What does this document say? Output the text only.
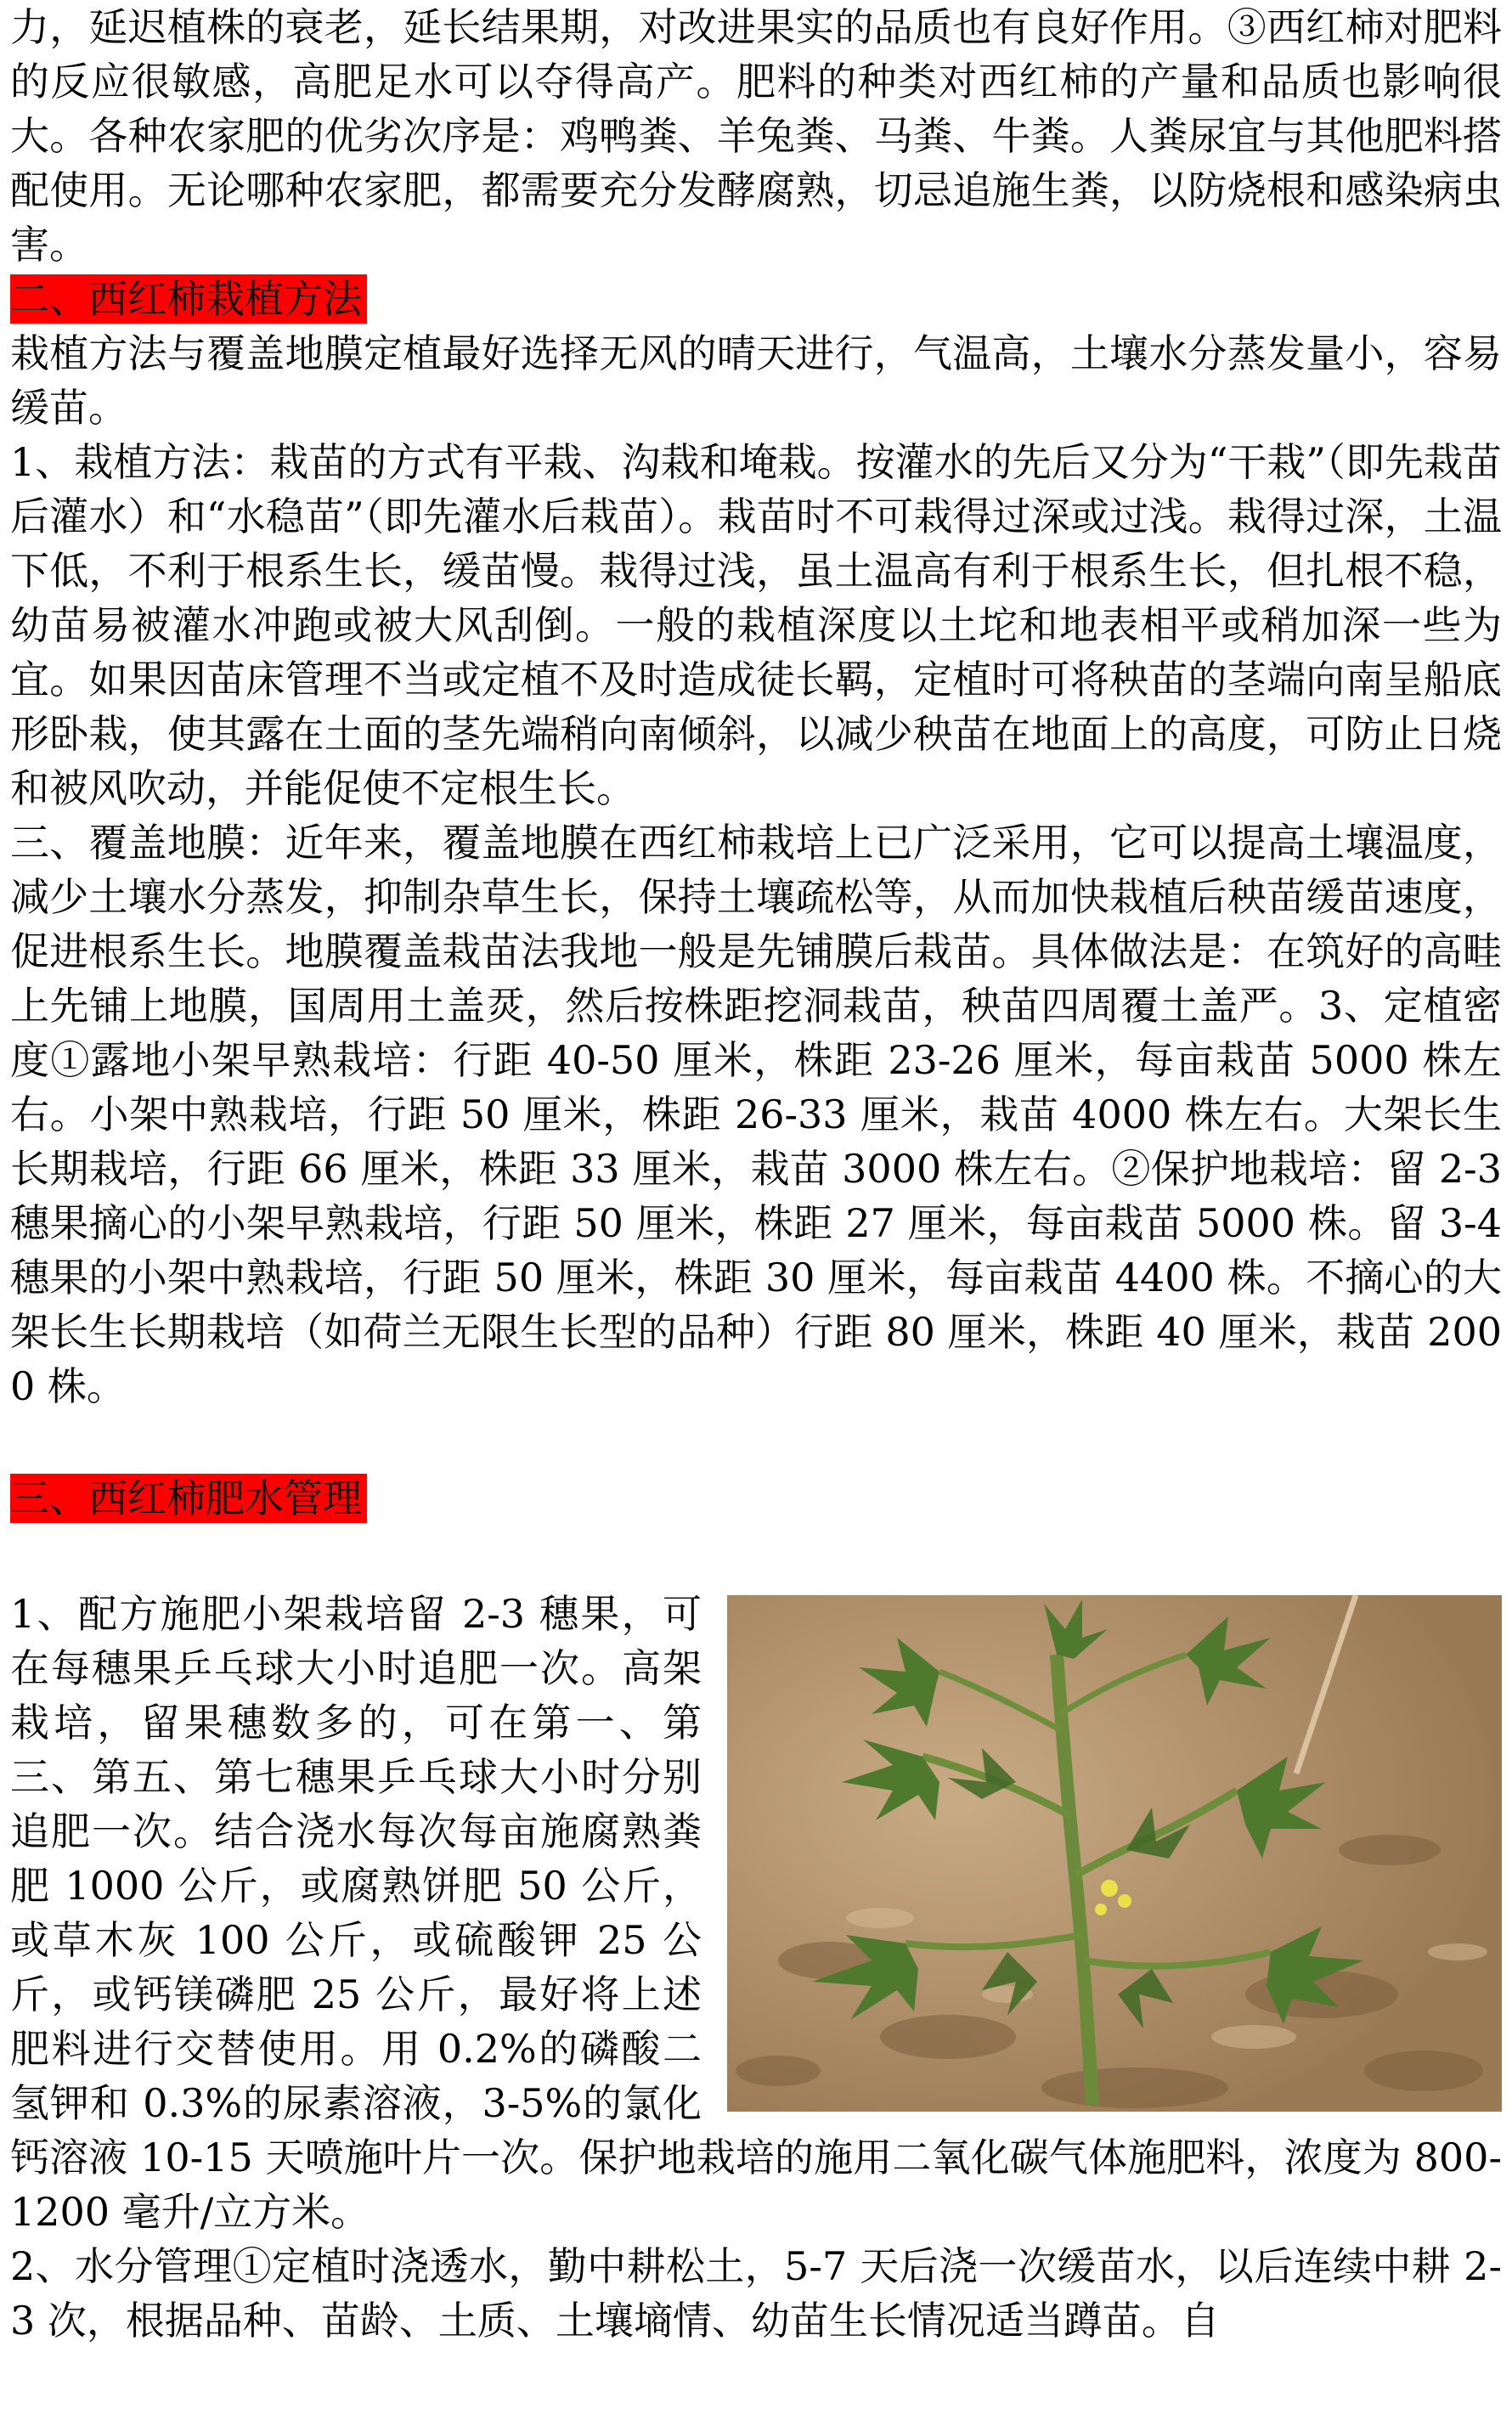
力，延迟植株的衰老，延长结果期，对改进果实的品质也有良好作用。③西红柿对肥料的反应很敏感，高肥足水可以夺得高产。肥料的种类对西红柿的产量和品质也影响很大。各种农家肥的优劣次序是：鸡鸭粪、羊兔粪、马粪、牛粪。人粪尿宜与其他肥料搭配使用。无论哪种农家肥，都需要充分发酵腐熟，切忌追施生粪，以防烧根和感染病虫害。

二、西红柿栽植方法

栽植方法与覆盖地膜定植最好选择无风的晴天进行，气温高，土壤水分蒸发量小，容易缓苗。

1、栽植方法：栽苗的方式有平栽、沟栽和埯栽。按灌水的先后又分为“干栽”（即先栽苗后灌水）和“水稳苗”（即先灌水后栽苗）。栽苗时不可栽得过深或过浅。栽得过深，土温下低，不利于根系生长，缓苗慢。栽得过浅，虽土温高有利于根系生长，但扎根不稳，幼苗易被灌水冲跑或被大风刮倒。一般的栽植深度以土坨和地表相平或稍加深一些为宜。如果因苗床管理不当或定植不及时造成徒长羁，定植时可将秧苗的茎端向南呈船底形卧栽，使其露在土面的茎先端稍向南倾斜，以减少秧苗在地面上的高度，可防止日烧和被风吹动，并能促使不定根生长。

三、覆盖地膜：近年来，覆盖地膜在西红柿栽培上已广泛采用，它可以提高土壤温度，减少土壤水分蒸发，抑制杂草生长，保持土壤疏松等，从而加快栽植后秧苗缓苗速度，促进根系生长。地膜覆盖栽苗法我地一般是先铺膜后栽苗。具体做法是：在筑好的高畦上先铺上地膜，国周用土盖烎，然后按株距挖洞栽苗，秧苗四周覆土盖严。3、定植密度①露地小架早熟栽培：行距 40-50 厘米，株距 23-26 厘米，每亩栽苗 5000 株左右。小架中熟栽培，行距 50 厘米，株距 26-33 厘米，栽苗 4000 株左右。大架长生长期栽培，行距 66 厘米，株距 33 厘米，栽苗 3000 株左右。②保护地栽培：留 2-3 穗果摘心的小架早熟栽培，行距 50 厘米，株距 27 厘米，每亩栽苗 5000 株。留 3-4 穗果的小架中熟栽培，行距 50 厘米，株距 30 厘米，每亩栽苗 4400 株。不摘心的大架长生长期栽培（如荷兰无限生长型的品种）行距 80 厘米，株距 40 厘米，栽苗 2000 株。

三、西红柿肥水管理

1、配方施肥小架栽培留 2-3 穗果，可在每穗果乒乓球大小时追肥一次。高架栽培，留果穗数多的，可在第一、第三、第五、第七穗果乒乓球大小时分别追肥一次。结合浇水每次每亩施腐熟粪肥 1000 公斤，或腐熟饼肥 50 公斤，或草木灰 100 公斤，或硫酸钾 25 公斤，或钙镁磷肥 25 公斤，最好将上述肥料进行交替使用。用 0.2%的磷酸二氢钾和 0.3%的尿素溶液，3-5%的氯化钙溶液 10-15 天喷施叶片一次。保护地栽培的施用二氧化碳气体施肥料，浓度为 800-1200 毫升/立方米。

2、水分管理①定植时浇透水，勤中耕松土，5-7 天后浇一次缓苗水，以后连续中耕 2-3 次，根据品种、苗龄、土质、土壤墒情、幼苗生长情况适当蹲苗。自
